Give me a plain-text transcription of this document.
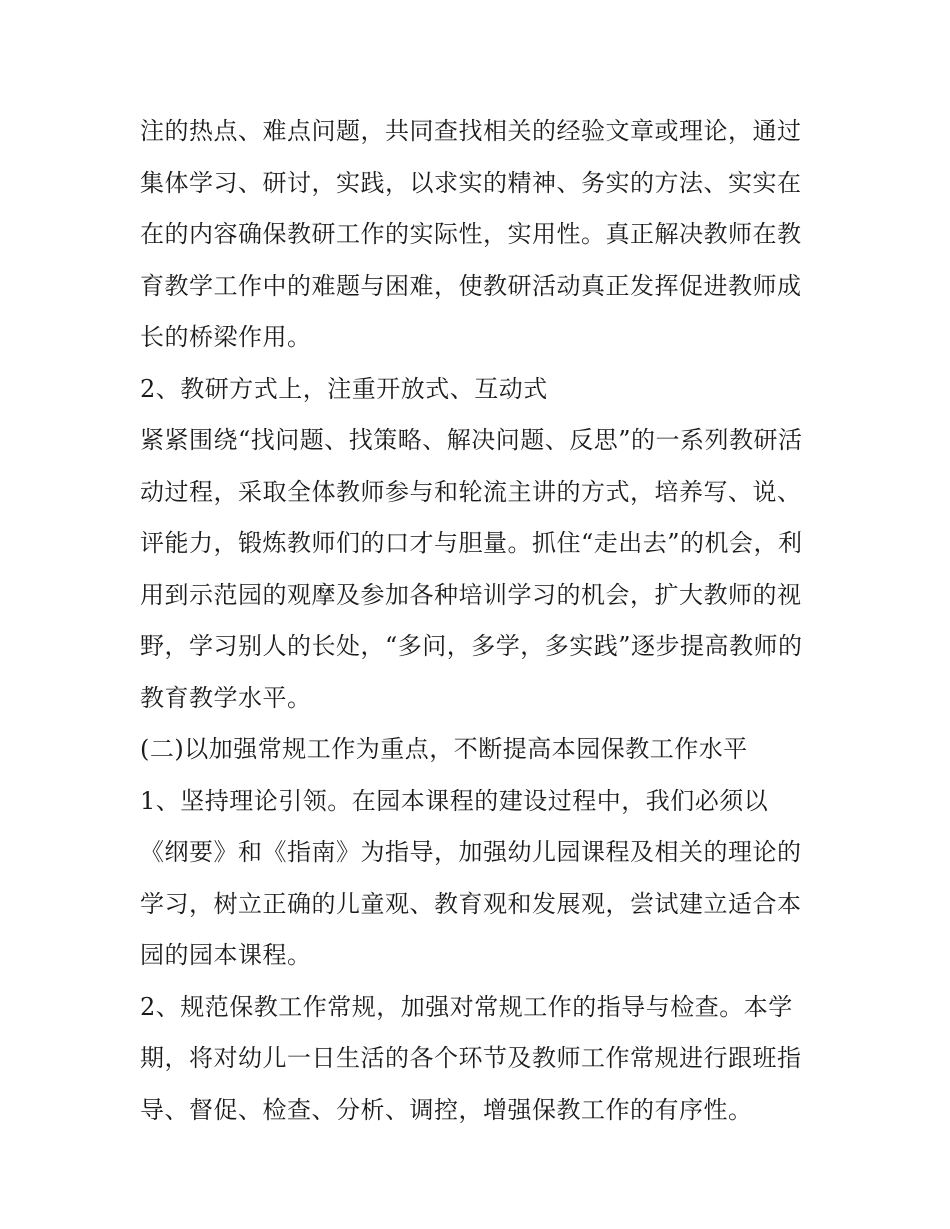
注的热点、难点问题，共同查找相关的经验文章或理论，通过
集体学习、研讨，实践，以求实的精神、务实的方法、实实在
在的内容确保教研工作的实际性，实用性。真正解决教师在教
育教学工作中的难题与困难，使教研活动真正发挥促进教师成
长的桥梁作用。
2、教研方式上，注重开放式、互动式
紧紧围绕“找问题、找策略、解决问题、反思”的一系列教研活
动过程，采取全体教师参与和轮流主讲的方式，培养写、说、
评能力，锻炼教师们的口才与胆量。抓住“走出去”的机会，利
用到示范园的观摩及参加各种培训学习的机会，扩大教师的视
野，学习别人的长处，“多问，多学，多实践”逐步提高教师的
教育教学水平。
(二)以加强常规工作为重点，不断提高本园保教工作水平
1、坚持理论引领。在园本课程的建设过程中，我们必须以
《纲要》和《指南》为指导，加强幼儿园课程及相关的理论的
学习，树立正确的儿童观、教育观和发展观，尝试建立适合本
园的园本课程。
2、规范保教工作常规，加强对常规工作的指导与检查。本学
期，将对幼儿一日生活的各个环节及教师工作常规进行跟班指
导、督促、检查、分析、调控，增强保教工作的有序性。
